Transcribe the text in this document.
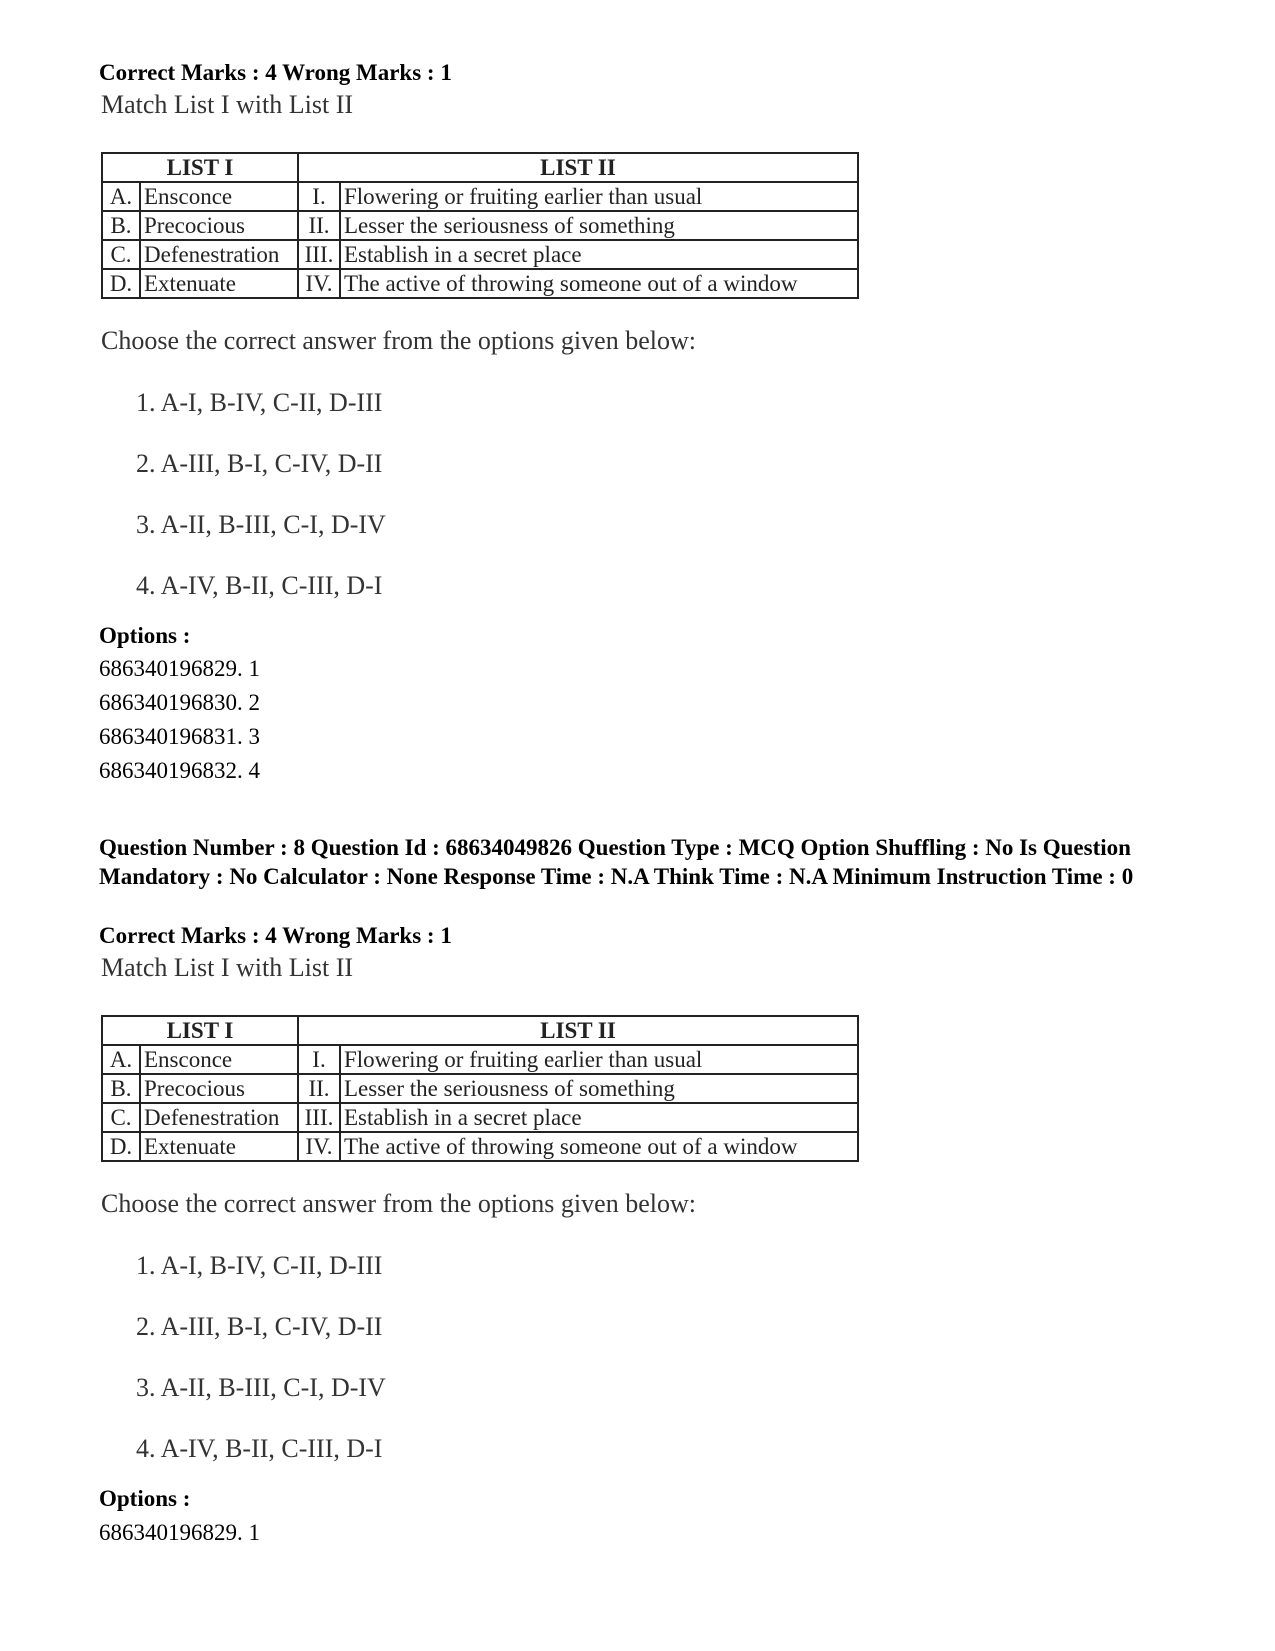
Correct Marks : 4 Wrong Marks : 1
Match List I with List II
LIST I		LIST II	
A.	Ensconce	I.	Flowering or fruiting earlier than usual
B.	Precocious	II.	Lesser the seriousness of something
C.	Defenestration	III.	Establish in a secret place
D.	Extenuate	IV.	The active of throwing someone out of a window
Choose the correct answer from the options given below:
1. A-I, B-IV, C-II, D-III
2. A-III, B-I, C-IV, D-II
3. A-II, B-III, C-I, D-IV
4. A-IV, B-II, C-III, D-I
Options :
686340196829. 1
686340196830. 2
686340196831. 3
686340196832. 4
Question Number : 8 Question Id : 68634049826 Question Type : MCQ Option Shuffling : No Is Question Mandatory : No Calculator : None Response Time : N.A Think Time : N.A Minimum Instruction Time : 0
Correct Marks : 4 Wrong Marks : 1
Match List I with List II
LIST I		LIST II	
A.	Ensconce	I.	Flowering or fruiting earlier than usual
B.	Precocious	II.	Lesser the seriousness of something
C.	Defenestration	III.	Establish in a secret place
D.	Extenuate	IV.	The active of throwing someone out of a window
Choose the correct answer from the options given below:
1. A-I, B-IV, C-II, D-III
2. A-III, B-I, C-IV, D-II
3. A-II, B-III, C-I, D-IV
4. A-IV, B-II, C-III, D-I
Options :
686340196829. 1
